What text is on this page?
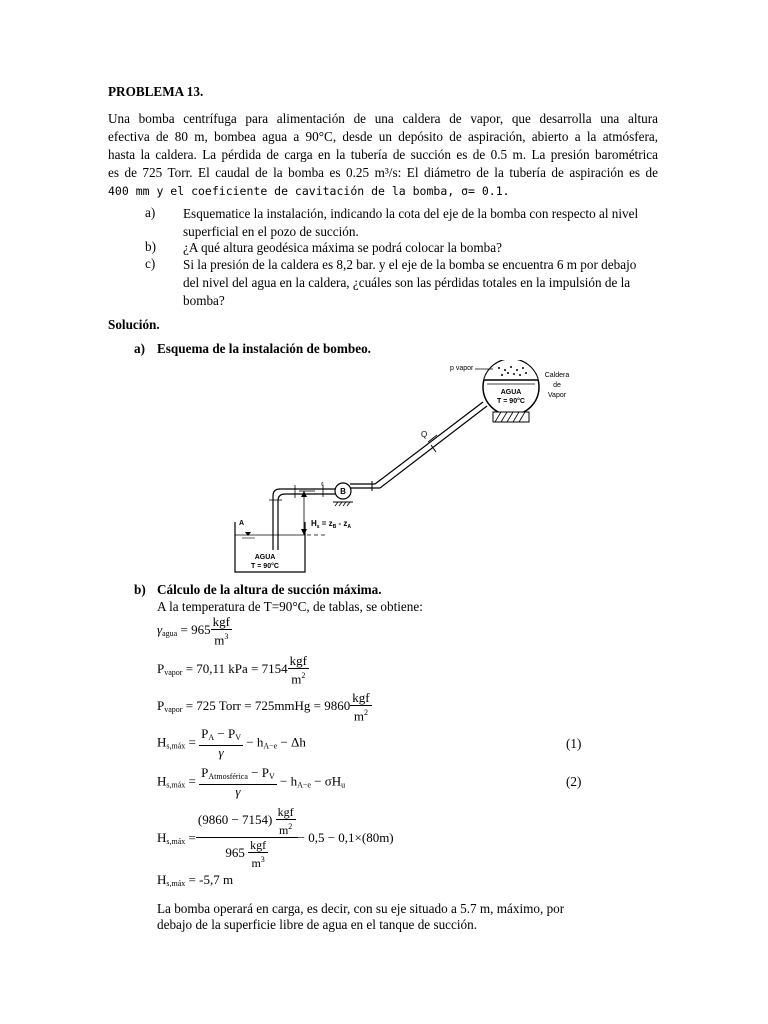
PROBLEMA 13.
Una bomba centrífuga para alimentación de una caldera de vapor, que desarrolla una altura
efectiva de 80 m, bombea agua a 90°C, desde un depósito de aspiración, abierto a la atmósfera,
hasta la caldera. La pérdida de carga en la tubería de succión es de 0.5 m. La presión barométrica
es de 725 Torr. El caudal de la bomba es 0.25 m³/s: El diámetro de la tubería de aspiración es de
400 mm y el coeficiente de cavitación de la bomba, σ= 0.1.
a)	Esquematice la instalación, indicando la cota del eje de la bomba con respecto al nivel superficial en el pozo de succión.
b)	¿A qué altura geodésica máxima se podrá colocar la bomba?
c)	Si la presión de la caldera es 8,2 bar. y el eje de la bomba se encuentra 6 m por debajo del nivel del agua en la caldera, ¿cuáles son las pérdidas totales en la impulsión de la bomba?
Solución.
a) Esquema de la instalación de bombeo.
AGUA
T = 90°C
p vapor
Caldera
de
Vapor
Q
B
¢
A
AGUA
T = 90°C
$H_s = z_B - z_A$
b) Cálculo de la altura de succión máxima.
A la temperatura de T=90°C, de tablas, se obtiene:
$\gamma_{agua} = 965 \frac{\text{kgf}}{m^3}$
$P_{vapor} = 70,11$ kPa = $7154 \frac{\text{kgf}}{m^2}$
$P_{vapor} = 725$ Torr = 725mmHg = $9860 \frac{\text{kgf}}{m^2}$
$H_{s,máx} = \frac{P_A - P_V}{\gamma} - h_{A-e} - \Delta h$	(1)
$H_{s,máx} = \frac{P_{Atmosférica} - P_V}{\gamma} - h_{A-e} - \sigma H_u$	(2)
$H_{s,máx} = \frac{(9860 - 7154) \frac{\text{kgf}}{m^2}}{965 \frac{\text{kgf}}{m^3}} - 0,5 - 0,1\times(80m)$
$H_{s,máx} = -5,7$ m
La bomba operará en carga, es decir, con su eje situado a 5.7 m, máximo, por
debajo de la superficie libre de agua en el tanque de succión.
